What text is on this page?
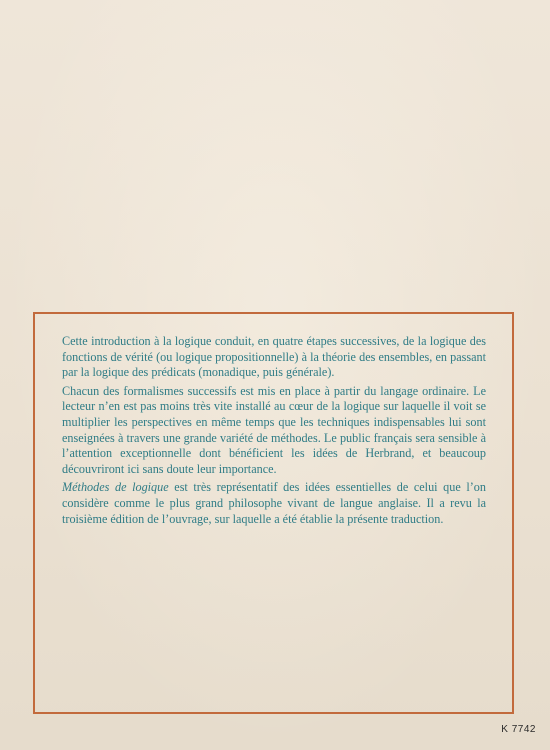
Cette introduction à la logique conduit, en quatre étapes successives, de la logique des fonctions de vérité (ou logique propositionnelle) à la théorie des ensembles, en passant par la logique des prédicats (monadique, puis générale).

Chacun des formalismes successifs est mis en place à partir du langage ordinaire. Le lecteur n’en est pas moins très vite installé au cœur de la logique sur laquelle il voit se multiplier les perspectives en même temps que les techniques indispensables lui sont enseignées à travers une grande variété de méthodes. Le public français sera sensible à l’attention exceptionnelle dont bénéficient les idées de Herbrand, et beaucoup découvriront ici sans doute leur importance.

Méthodes de logique est très représentatif des idées essentielles de celui que l’on considère comme le plus grand philosophe vivant de langue anglaise. Il a revu la troisième édition de l’ouvrage, sur laquelle a été établie la présente traduction.

K 7742
